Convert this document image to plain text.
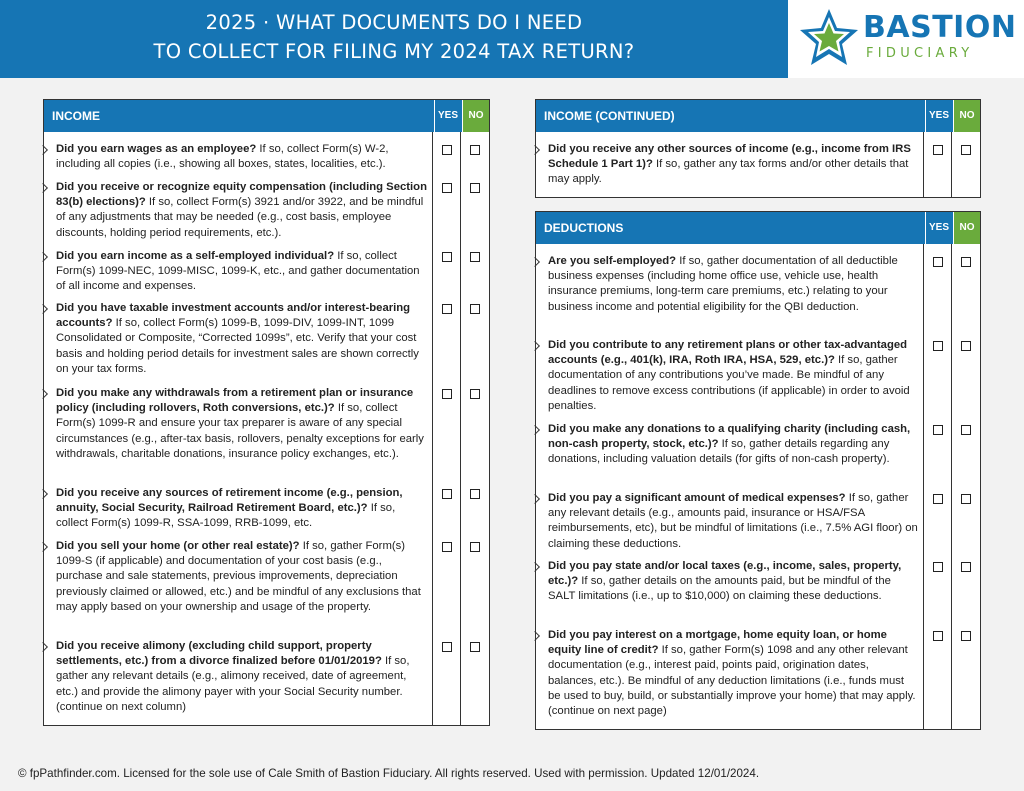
2025 · WHAT DOCUMENTS DO I NEED
TO COLLECT FOR FILING MY 2024 TAX RETURN?
BASTION
FIDUCIARY
INCOME	YES	NO
Did you earn wages as an employee? If so, collect Form(s) W-2, including all copies (i.e., showing all boxes, states, localities, etc.).
Did you receive or recognize equity compensation (including Section 83(b) elections)? If so, collect Form(s) 3921 and/or 3922, and be mindful of any adjustments that may be needed (e.g., cost basis, employee discounts, holding period requirements, etc.).
Did you earn income as a self-employed individual? If so, collect Form(s) 1099-NEC, 1099-MISC, 1099-K, etc., and gather documentation of all income and expenses.
Did you have taxable investment accounts and/or interest-bearing accounts? If so, collect Form(s) 1099-B, 1099-DIV, 1099-INT, 1099 Consolidated or Composite, “Corrected 1099s”, etc. Verify that your cost basis and holding period details for investment sales are shown correctly on your tax forms.
Did you make any withdrawals from a retirement plan or insurance policy (including rollovers, Roth conversions, etc.)? If so, collect Form(s) 1099-R and ensure your tax preparer is aware of any special circumstances (e.g., after-tax basis, rollovers, penalty exceptions for early withdrawals, charitable donations, insurance policy exchanges, etc.).
Did you receive any sources of retirement income (e.g., pension, annuity, Social Security, Railroad Retirement Board, etc.)? If so, collect Form(s) 1099-R, SSA-1099, RRB-1099, etc.
Did you sell your home (or other real estate)? If so, gather Form(s) 1099-S (if applicable) and documentation of your cost basis (e.g., purchase and sale statements, previous improvements, depreciation previously claimed or allowed, etc.) and be mindful of any exclusions that may apply based on your ownership and usage of the property.
Did you receive alimony (excluding child support, property settlements, etc.) from a divorce finalized before 01/01/2019? If so, gather any relevant details (e.g., alimony received, date of agreement, etc.) and provide the alimony payer with your Social Security number. (continue on next column)
INCOME (CONTINUED)	YES	NO
Did you receive any other sources of income (e.g., income from IRS Schedule 1 Part 1)? If so, gather any tax forms and/or other details that may apply.
DEDUCTIONS	YES	NO
Are you self-employed? If so, gather documentation of all deductible business expenses (including home office use, vehicle use, health insurance premiums, long-term care premiums, etc.) relating to your business income and potential eligibility for the QBI deduction.
Did you contribute to any retirement plans or other tax-advantaged accounts (e.g., 401(k), IRA, Roth IRA, HSA, 529, etc.)? If so, gather documentation of any contributions you’ve made. Be mindful of any deadlines to remove excess contributions (if applicable) in order to avoid penalties.
Did you make any donations to a qualifying charity (including cash, non-cash property, stock, etc.)? If so, gather details regarding any donations, including valuation details (for gifts of non-cash property).
Did you pay a significant amount of medical expenses? If so, gather any relevant details (e.g., amounts paid, insurance or HSA/FSA reimbursements, etc), but be mindful of limitations (i.e., 7.5% AGI floor) on claiming these deductions.
Did you pay state and/or local taxes (e.g., income, sales, property, etc.)? If so, gather details on the amounts paid, but be mindful of the SALT limitations (i.e., up to $10,000) on claiming these deductions.
Did you pay interest on a mortgage, home equity loan, or home equity line of credit? If so, gather Form(s) 1098 and any other relevant documentation (e.g., interest paid, points paid, origination dates, balances, etc.). Be mindful of any deduction limitations (i.e., funds must be used to buy, build, or substantially improve your home) that may apply. (continue on next page)
© fpPathfinder.com. Licensed for the sole use of Cale Smith of Bastion Fiduciary. All rights reserved. Used with permission. Updated 12/01/2024.
